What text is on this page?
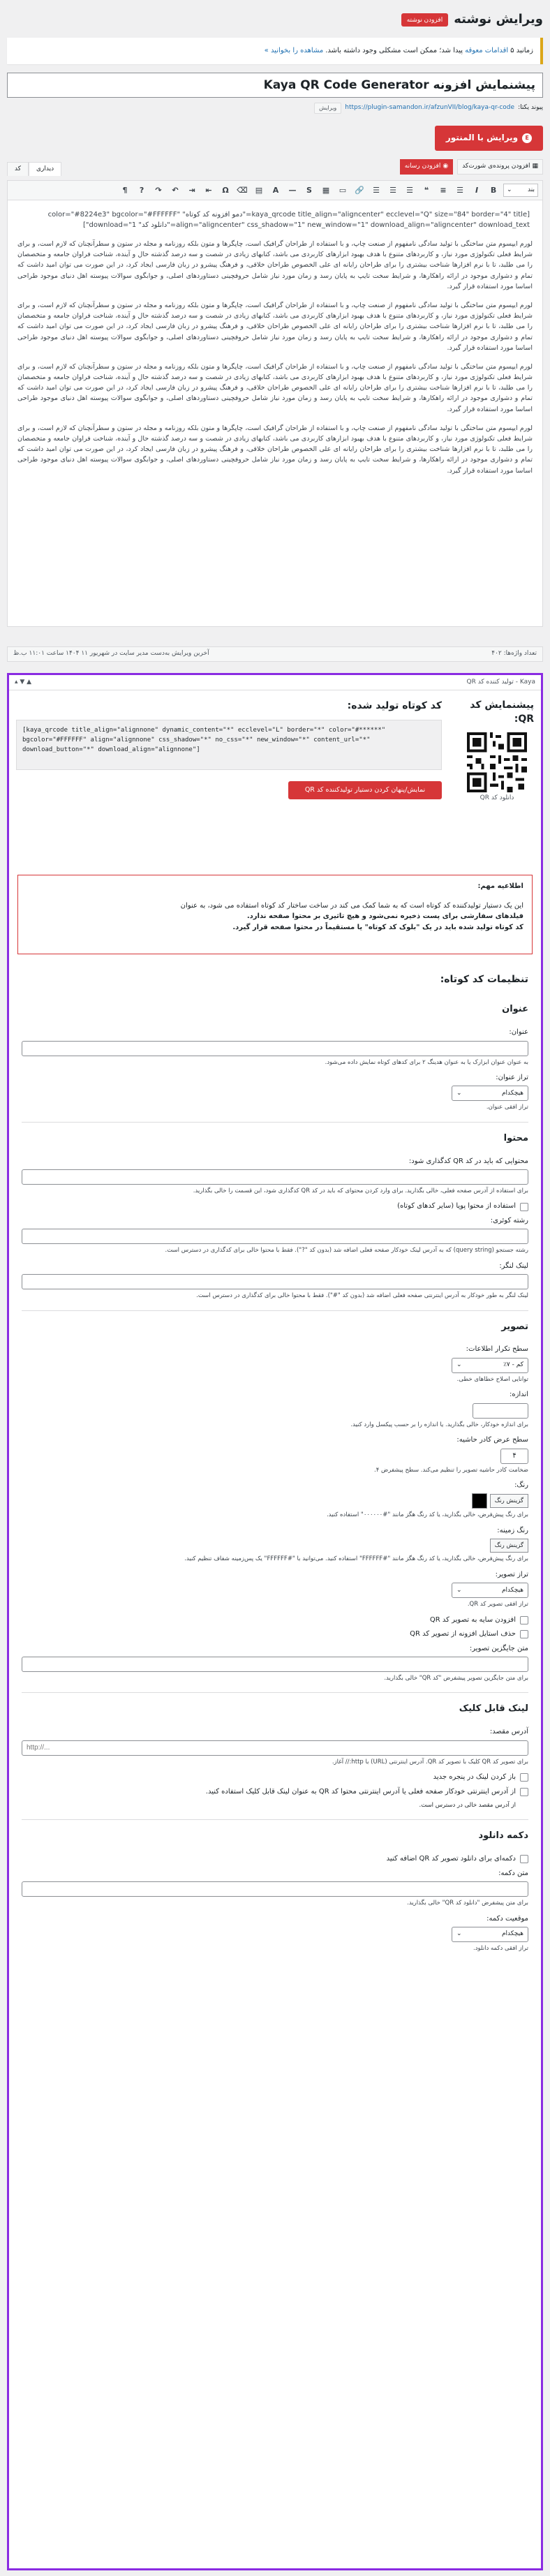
ویرایش نوشته
افزودن نوشته
زمانبد ۵
اقدامات معوقه
پیدا شد؛ ممکن است مشکلی وجود داشته باشد.
مشاهده را بخوانید »
پیشنمایش افزونه Kaya QR Code Generator
پیوند یکتا:
https://plugin-samandon.ir/afzunVII/blog/kaya-qr-code
ویرایش
E
ویرایش با المنتور
▦
افزودن پرونده‌ی شورت‌کد
◉
افزودن رسانه
دیداری
کد
بند
⌄
B
I
☰
≡
❝
☰
☰
☰
🔗
▭
▦
S
—
A
▤
⌫
Ω
⇤
⇥
↶
↷
?
¶
[kaya_qrcode title_align="aligncenter" ecclevel="Q" size="84" border="4" title="دمو افزونه کد کوتاه" color="#8224e3" bgcolor="#FFFFFF" align="aligncenter" css_shadow="1" new_window="1" download_align="aligncenter" download_text="دانلود کد" download="1"]
لورم ایپسوم متن ساختگی با تولید سادگی نامفهوم از صنعت چاپ، و با استفاده از طراحان گرافیک است، چاپگرها و متون بلکه روزنامه و مجله در ستون و سطرآنچنان که لازم است، و برای شرایط فعلی تکنولوژی مورد نیاز، و کاربردهای متنوع با هدف بهبود ابزارهای کاربردی می باشد، کتابهای زیادی در شصت و سه درصد گذشته حال و آینده، شناخت فراوان جامعه و متخصصان را می طلبد، تا با نرم افزارها شناخت بیشتری را برای طراحان رایانه ای علی الخصوص طراحان خلاقی، و فرهنگ پیشرو در زبان فارسی ایجاد کرد، در این صورت می توان امید داشت که تمام و دشواری موجود در ارائه راهکارها، و شرایط سخت تایپ به پایان رسد و زمان مورد نیاز شامل حروفچینی دستاوردهای اصلی، و جوابگوی سوالات پیوسته اهل دنیای موجود طراحی اساسا مورد استفاده قرار گیرد.
لورم ایپسوم متن ساختگی با تولید سادگی نامفهوم از صنعت چاپ، و با استفاده از طراحان گرافیک است، چاپگرها و متون بلکه روزنامه و مجله در ستون و سطرآنچنان که لازم است، و برای شرایط فعلی تکنولوژی مورد نیاز، و کاربردهای متنوع با هدف بهبود ابزارهای کاربردی می باشد، کتابهای زیادی در شصت و سه درصد گذشته حال و آینده، شناخت فراوان جامعه و متخصصان را می طلبد، تا با نرم افزارها شناخت بیشتری را برای طراحان رایانه ای علی الخصوص طراحان خلاقی، و فرهنگ پیشرو در زبان فارسی ایجاد کرد، در این صورت می توان امید داشت که تمام و دشواری موجود در ارائه راهکارها، و شرایط سخت تایپ به پایان رسد و زمان مورد نیاز شامل حروفچینی دستاوردهای اصلی، و جوابگوی سوالات پیوسته اهل دنیای موجود طراحی اساسا مورد استفاده قرار گیرد.
لورم ایپسوم متن ساختگی با تولید سادگی نامفهوم از صنعت چاپ، و با استفاده از طراحان گرافیک است، چاپگرها و متون بلکه روزنامه و مجله در ستون و سطرآنچنان که لازم است، و برای شرایط فعلی تکنولوژی مورد نیاز، و کاربردهای متنوع با هدف بهبود ابزارهای کاربردی می باشد، کتابهای زیادی در شصت و سه درصد گذشته حال و آینده، شناخت فراوان جامعه و متخصصان را می طلبد، تا با نرم افزارها شناخت بیشتری را برای طراحان رایانه ای علی الخصوص طراحان خلاقی، و فرهنگ پیشرو در زبان فارسی ایجاد کرد، در این صورت می توان امید داشت که تمام و دشواری موجود در ارائه راهکارها، و شرایط سخت تایپ به پایان رسد و زمان مورد نیاز شامل حروفچینی دستاوردهای اصلی، و جوابگوی سوالات پیوسته اهل دنیای موجود طراحی اساسا مورد استفاده قرار گیرد.
لورم ایپسوم متن ساختگی با تولید سادگی نامفهوم از صنعت چاپ، و با استفاده از طراحان گرافیک است، چاپگرها و متون بلکه روزنامه و مجله در ستون و سطرآنچنان که لازم است، و برای شرایط فعلی تکنولوژی مورد نیاز، و کاربردهای متنوع با هدف بهبود ابزارهای کاربردی می باشد، کتابهای زیادی در شصت و سه درصد گذشته حال و آینده، شناخت فراوان جامعه و متخصصان را می طلبد، تا با نرم افزارها شناخت بیشتری را برای طراحان رایانه ای علی الخصوص طراحان خلاقی، و فرهنگ پیشرو در زبان فارسی ایجاد کرد، در این صورت می توان امید داشت که تمام و دشواری موجود در ارائه راهکارها، و شرایط سخت تایپ به پایان رسد و زمان مورد نیاز شامل حروفچینی دستاوردهای اصلی، و جوابگوی سوالات پیوسته اهل دنیای موجود طراحی اساسا مورد استفاده قرار گیرد.
تعداد واژه‌ها: ۴۰۲
آخرین ویرایش به‌دست مدیر سایت در شهریور ۱۱ ۱۴۰۴ ساعت ۱۱:۰۱ ب.ظ
Kaya - تولید کننده کد QR
▲ ▼ ▴
پیشنمایش کد QR:
دانلود کد QR
کد کوتاه تولید شده:
[kaya_qrcode title_align="alignnone" dynamic_content="*" ecclevel="L" border="*" color="#******" bgcolor="#FFFFFF" align="alignnone" css_shadow="*" no_css="*" new_window="*" content_url="*" download_button="*" download_align="alignnone"]
نمایش/پنهان کردن دستیار تولیدکننده کد QR
اطلاعیه مهم:
این یک دستیار تولیدکننده کد کوتاه است که به شما کمک می کند در ساخت ساختار کد کوتاه استفاده می شود، به عنوان
فیلدهای سفارشی برای پست ذخیره نمی‌شود و هیچ تاثیری بر محتوا صفحه ندارد.
کد کوتاه تولید شده باید در یک "بلوک کد کوتاه" یا مستقیماً در محتوا صفحه قرار گیرد.
تنظیمات کد کوتاه:
عنوان
عنوان:
به عنوان عنوان ابزارک یا به عنوان هدینگ ۲ برای کدهای کوتاه نمایش داده می‌شود.
تراز عنوان:
هیچکدام
⌄
تراز افقی عنوان.
محتوا
محتوایی که باید در کد QR کدگذاری شود:
برای استفاده از آدرس صفحه فعلی، خالی بگذارید. برای وارد کردن محتوای که باید در کد QR کدگذاری شود، این قسمت را خالی بگذارید.
استفاده از محتوا پویا (سایر کدهای کوتاه)
رشته کوئری:
رشته جستجو (query string) که به آدرس لینک خودکار صفحه فعلی اضافه شد (بدون کد "?"). فقط با محتوا خالی برای کدگذاری در دسترس است.
لینک لنگر:
لینک لنگر به طور خودکار به آدرس اینترنتی صفحه فعلی اضافه شد (بدون کد "#"). فقط با محتوا خالی برای کدگذاری در دسترس است.
تصویر
سطح تکرار اطلاعات:
کم - ۷٪
⌄
توانایی اصلاح خطاهای خطی.
اندازه:
برای اندازه خودکار، خالی بگذارید. یا اندازه را بر حسب پیکسل وارد کنید.
سطح عرض کادر حاشیه:
۴
ضخامت کادر حاشیه تصویر را تنظیم می‌کند. سطح پیشفرض ۴.
رنگ:
گزینش رنگ
برای رنگ پیش‌فرض، خالی بگذارید، یا کد رنگ هگز مانند "#۰۰۰۰۰۰" استفاده کنید.
رنگ زمینه:
گزینش رنگ
برای رنگ پیش‌فرض، خالی بگذارید، یا کد رنگ هگز مانند "#FFFFFF" استفاده کنید. می‌توانید با "#FFFFFF" یک پس‌زمینه شفاف تنظیم کنید.
تراز تصویر:
هیچکدام
⌄
تراز افقی تصویر کد QR.
افزودن سایه به تصویر کد QR
حذف استایل افزونه از تصویر کد QR
متن جایگزین تصویر:
برای متن جایگزین تصویر پیشفرض "کد QR" خالی بگذارید.
لینک قابل کلیک
آدرس مقصد:
http://...
برای تصویر کد QR کلیک با تصویر کد QR. آدرس اینترنتی (URL) با http:// آغاز.
باز کردن لینک در پنجره جدید
از آدرس اینترنتی خودکار صفحه فعلی یا آدرس اینترنتی محتوا کد QR به عنوان لینک قابل کلیک استفاده کنید.
از آدرس مقصد خالی در دسترس است.
دکمه دانلود
دکمه‌ای برای دانلود تصویر کد QR اضافه کنید
متن دکمه:
برای متن پیشفرض "دانلود کد QR" خالی بگذارید.
موقعیت دکمه:
هیچکدام
⌄
تراز افقی دکمه دانلود.
